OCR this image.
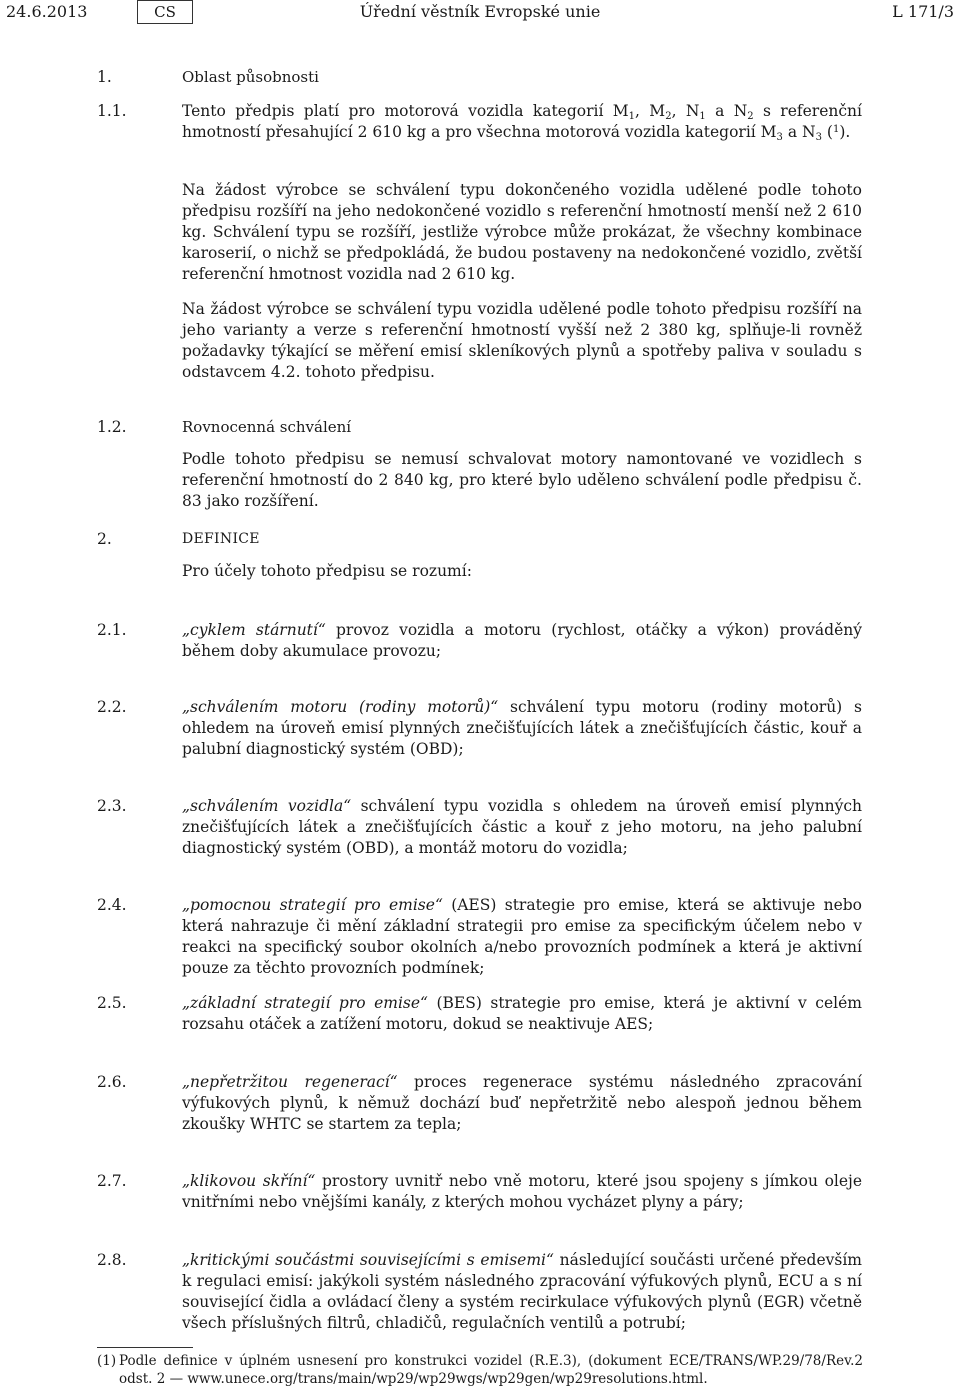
24.6.2013	CS	Úřední věstník Evropské unie	L 171/3
1.	Oblast působnosti
1.1.	Tento předpis platí pro motorová vozidla kategorií $M_1$, $M_2$, $N_1$ a $N_2$ s referenční hmotností přesahující 2 610 kg a pro všechna motorová vozidla kategorií $M_3$ a $N_3$ ($^1$).

Na žádost výrobce se schválení typu dokončeného vozidla udělené podle tohoto předpisu rozšíří na jeho nedokončené vozidlo s referenční hmotností menší než 2 610 kg. Schválení typu se rozšíří, jestliže výrobce může prokázat, že všechny kombinace karoserií, o nichž se předpokládá, že budou postaveny na nedokončené vozidlo, zvětší referenční hmotnost vozidla nad 2 610 kg.
Na žádost výrobce se schválení typu vozidla udělené podle tohoto předpisu rozšíří na jeho varianty a verze s referenční hmotností vyšší než 2 380 kg, splňuje-li rovněž požadavky týkající se měření emisí skleníkových plynů a spotřeby paliva v souladu s odstavcem 4.2. tohoto předpisu.
1.2.	Rovnocenná schválení
Podle tohoto předpisu se nemusí schvalovat motory namontované ve vozidlech s referenční hmotností do 2 840 kg, pro které bylo uděleno schválení podle předpisu č. 83 jako rozšíření.
2.	DEFINICE
Pro účely tohoto předpisu se rozumí:
2.1.	„cyklem stárnutí“ provoz vozidla a motoru (rychlost, otáčky a výkon) prováděný během doby akumulace provozu;
2.2.	„schválením motoru (rodiny motorů)“ schválení typu motoru (rodiny motorů) s ohledem na úroveň emisí plynných znečišťujících látek a znečišťujících částic, kouř a palubní diagnostický systém (OBD);
2.3.	„schválením vozidla“ schválení typu vozidla s ohledem na úroveň emisí plynných znečišťujících látek a znečišťujících částic a kouř z jeho motoru, na jeho palubní diagnostický systém (OBD), a montáž motoru do vozidla;
2.4.	„pomocnou strategií pro emise“ (AES) strategie pro emise, která se aktivuje nebo která nahrazuje či mění základní strategii pro emise za specifickým účelem nebo v reakci na specifický soubor okolních a/nebo provozních podmínek a která je aktivní pouze za těchto provozních podmínek;
2.5.	„základní strategií pro emise“ (BES) strategie pro emise, která je aktivní v celém rozsahu otáček a zatížení motoru, dokud se neaktivuje AES;
2.6.	„nepřetržitou regenerací“ proces regenerace systému následného zpracování výfukových plynů, k němuž dochází buď nepřetržitě nebo alespoň jednou během zkoušky WHTC se startem za tepla;
2.7.	„klikovou skříní“ prostory uvnitř nebo vně motoru, které jsou spojeny s jímkou oleje vnitřními nebo vnějšími kanály, z kterých mohou vycházet plyny a páry;
2.8.	„kritickými součástmi souvisejícími s emisemi“ následující součásti určené především k regulaci emisí: jakýkoli systém následného zpracování výfukových plynů, ECU a s ní související čidla a ovládací členy a systém recirkulace výfukových plynů (EGR) včetně všech příslušných filtrů, chladičů, regulačních ventilů a potrubí;
(1) Podle definice v úplném usnesení pro konstrukci vozidel (R.E.3), (dokument ECE/TRANS/WP.29/78/Rev.2 odst. 2 — www.unece.org/trans/main/wp29/wp29wgs/wp29gen/wp29resolutions.html.
